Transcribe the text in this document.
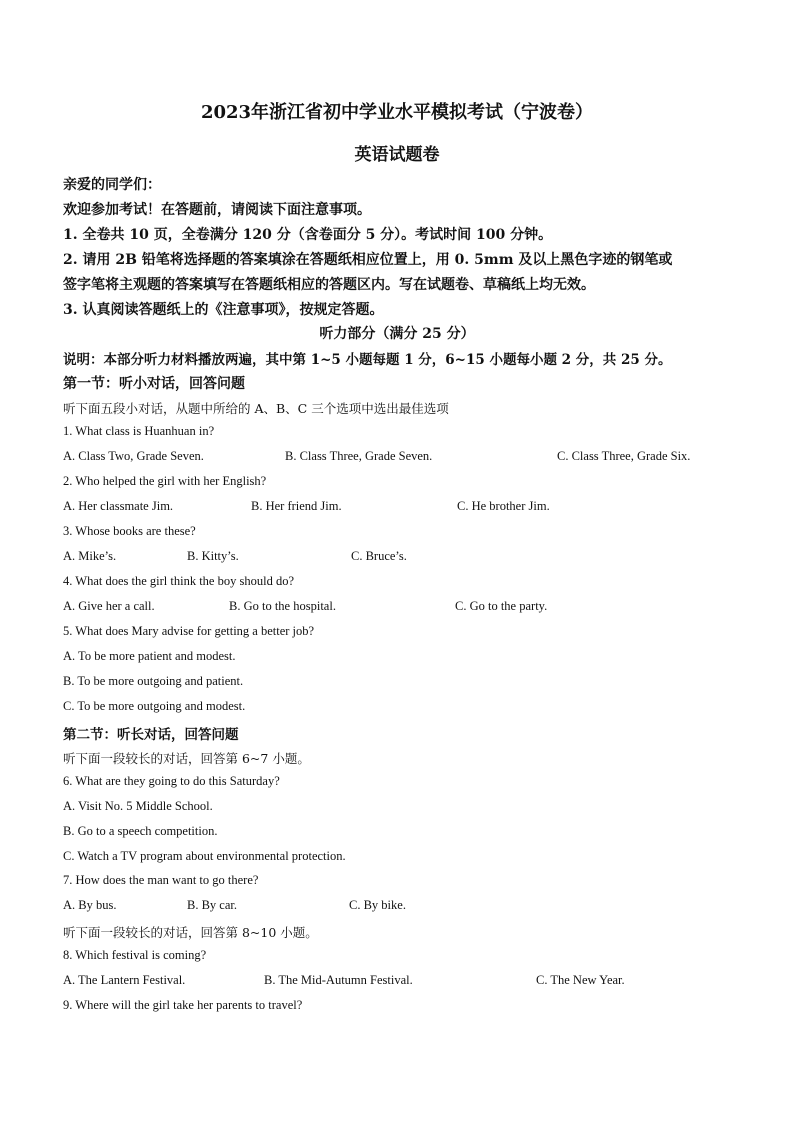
2023年浙江省初中学业水平模拟考试（宁波卷）
英语试题卷
亲爱的同学们：
欢迎参加考试！在答题前，请阅读下面注意事项。
1. 全卷共 10 页，全卷满分 120 分（含卷面分 5 分）。考试时间 100 分钟。
2. 请用 2B 铅笔将选择题的答案填涂在答题纸相应位置上，用 0. 5mm 及以上黑色字迹的钢笔或
签字笔将主观题的答案填写在答题纸相应的答题区内。写在试题卷、草稿纸上均无效。
3. 认真阅读答题纸上的《注意事项》，按规定答题。
听力部分（满分 25 分）
说明：本部分听力材料播放两遍，其中第 1~5 小题每题 1 分，6~15 小题每小题 2 分，共 25 分。
第一节：听小对话，回答问题
听下面五段小对话，从题中所给的 A、B、C 三个选项中选出最佳选项
1. What class is Huanhuan in?
A. Class Two, Grade Seven.	B. Class Three, Grade Seven.	C. Class Three, Grade Six.
2. Who helped the girl with her English?
A. Her classmate Jim.	B. Her friend Jim.	C. He brother Jim.
3. Whose books are these?
A. Mike’s.	B. Kitty’s.	C. Bruce’s.
4. What does the girl think the boy should do?
A. Give her a call.	B. Go to the hospital.	C. Go to the party.
5. What does Mary advise for getting a better job?
A. To be more patient and modest.
B. To be more outgoing and patient.
C. To be more outgoing and modest.
第二节：听长对话，回答问题
听下面一段较长的对话，回答第 6~7 小题。
6. What are they going to do this Saturday?
A. Visit No. 5 Middle School.
B. Go to a speech competition.
C. Watch a TV program about environmental protection.
7. How does the man want to go there?
A. By bus.	B. By car.	C. By bike.
听下面一段较长的对话，回答第 8~10 小题。
8. Which festival is coming?
A. The Lantern Festival.	B. The Mid-Autumn Festival.	C. The New Year.
9. Where will the girl take her parents to travel?
